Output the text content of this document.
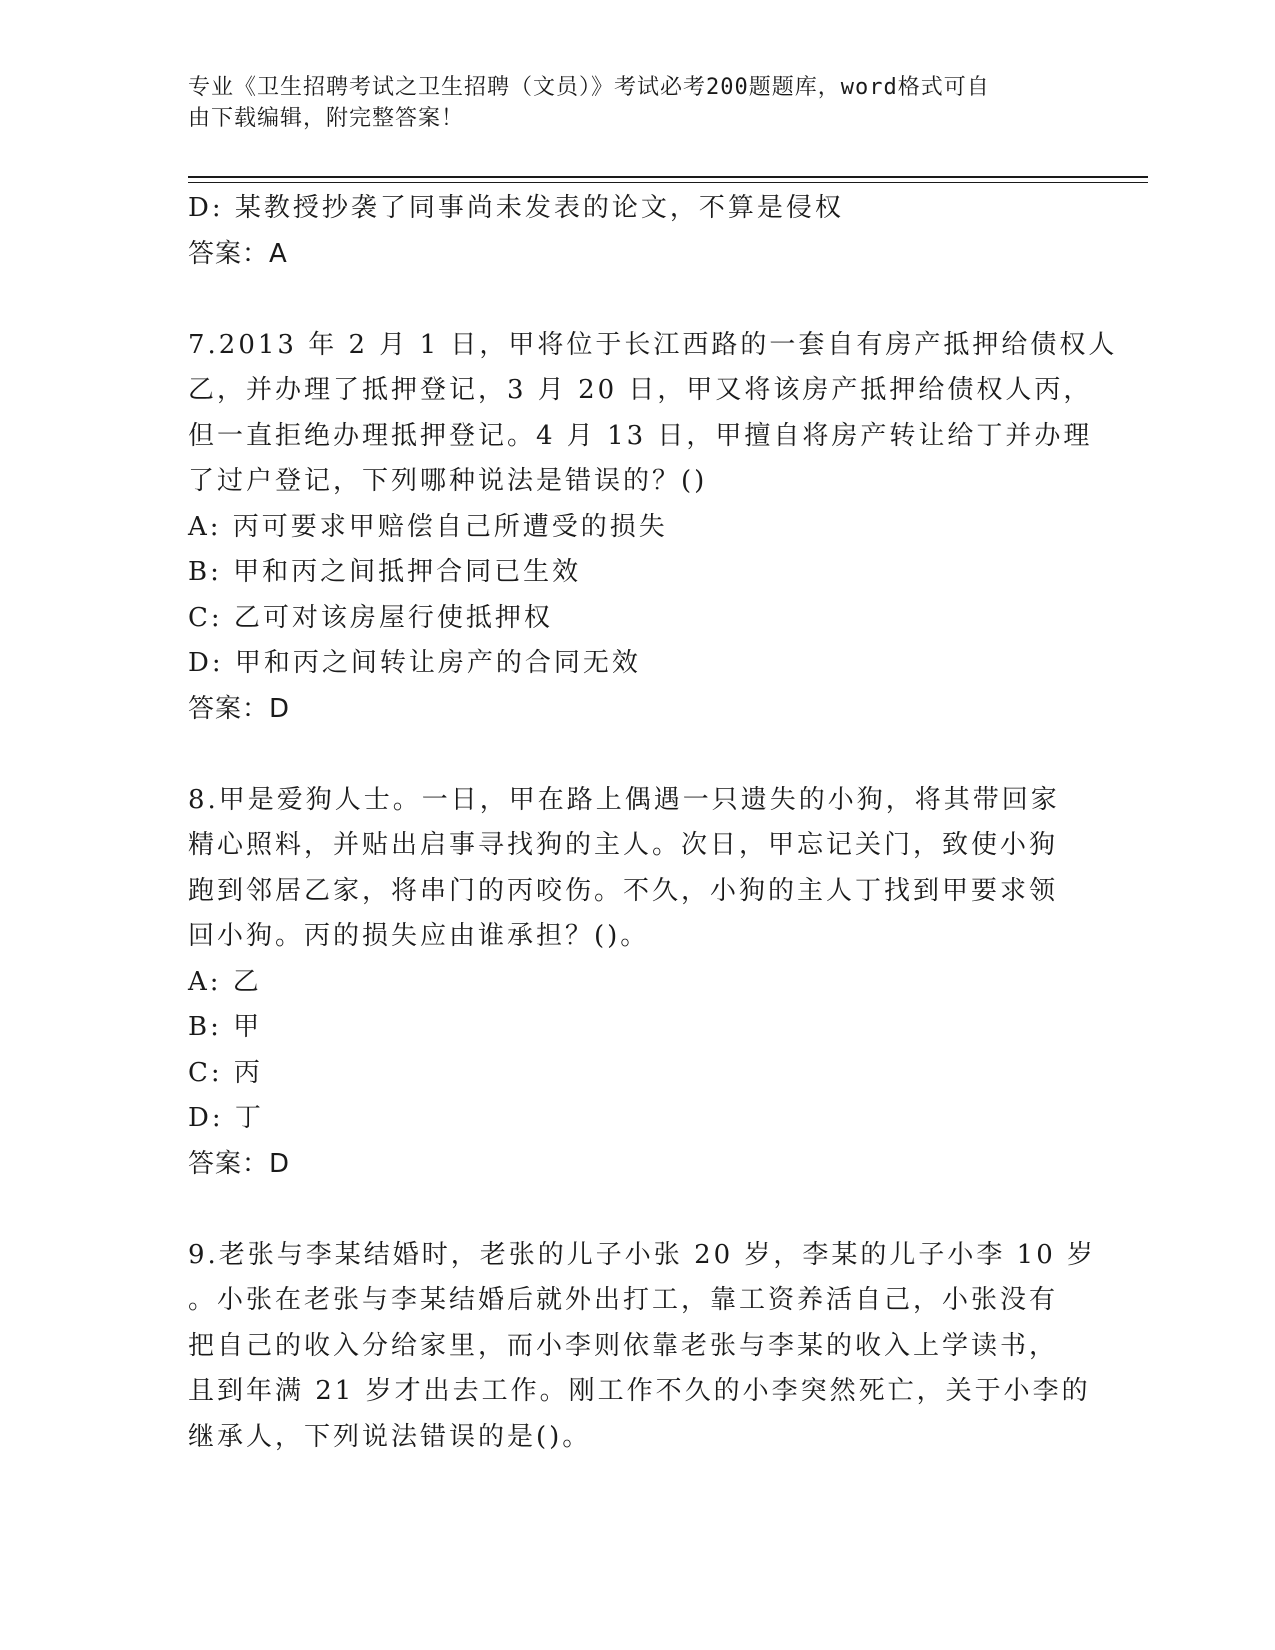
专业《卫生招聘考试之卫生招聘（文员）》考试必考200题题库，word格式可自
由下载编辑，附完整答案！
D: 某教授抄袭了同事尚未发表的论文，不算是侵权
答案：A
7.2013 年 2 月 1 日，甲将位于长江西路的一套自有房产抵押给债权人
乙，并办理了抵押登记，3 月 20 日，甲又将该房产抵押给债权人丙，
但一直拒绝办理抵押登记。4 月 13 日，甲擅自将房产转让给丁并办理
了过户登记，下列哪种说法是错误的？()
A: 丙可要求甲赔偿自己所遭受的损失
B: 甲和丙之间抵押合同已生效
C: 乙可对该房屋行使抵押权
D: 甲和丙之间转让房产的合同无效
答案：D
8.甲是爱狗人士。一日，甲在路上偶遇一只遗失的小狗，将其带回家
精心照料，并贴出启事寻找狗的主人。次日，甲忘记关门，致使小狗
跑到邻居乙家，将串门的丙咬伤。不久，小狗的主人丁找到甲要求领
回小狗。丙的损失应由谁承担？()。
A: 乙
B: 甲
C: 丙
D: 丁
答案：D
9.老张与李某结婚时，老张的儿子小张 20 岁，李某的儿子小李 10 岁
。小张在老张与李某结婚后就外出打工，靠工资养活自己，小张没有
把自己的收入分给家里，而小李则依靠老张与李某的收入上学读书，
且到年满 21 岁才出去工作。刚工作不久的小李突然死亡，关于小李的
继承人，下列说法错误的是()。
